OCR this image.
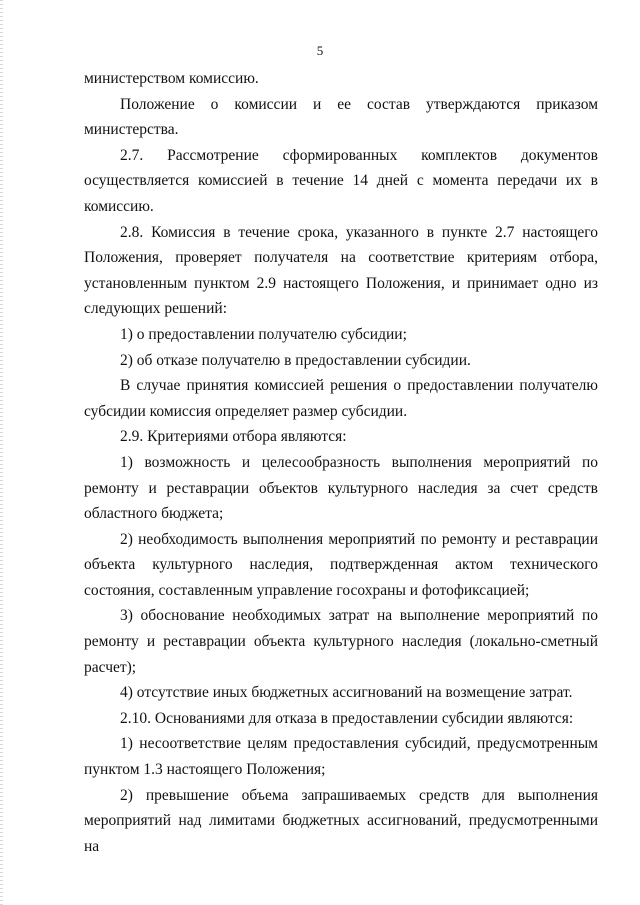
5
министерством комиссию.
Положение о комиссии и ее состав утверждаются приказом
министерства.
2.7. Рассмотрение сформированных комплектов документов
осуществляется комиссией в течение 14 дней с момента передачи их в
комиссию.
2.8. Комиссия в течение срока, указанного в пункте 2.7 настоящего
Положения, проверяет получателя на соответствие критериям отбора,
установленным пунктом 2.9 настоящего Положения, и принимает одно из
следующих решений:
1) о предоставлении получателю субсидии;
2) об отказе получателю в предоставлении субсидии.
В случае принятия комиссией решения о предоставлении получателю
субсидии комиссия определяет размер субсидии.
2.9. Критериями отбора являются:
1) возможность и целесообразность выполнения мероприятий по
ремонту и реставрации объектов культурного наследия за счет средств
областного бюджета;
2) необходимость выполнения мероприятий по ремонту и реставрации
объекта культурного наследия, подтвержденная актом технического
состояния, составленным управление госохраны и фотофиксацией;
3) обоснование необходимых затрат на выполнение мероприятий по
ремонту и реставрации объекта культурного наследия (локально-сметный
расчет);
4) отсутствие иных бюджетных ассигнований на возмещение затрат.
2.10. Основаниями для отказа в предоставлении субсидии являются:
1) несоответствие целям предоставления субсидий, предусмотренным
пунктом 1.3 настоящего Положения;
2) превышение объема запрашиваемых средств для выполнения
мероприятий над лимитами бюджетных ассигнований, предусмотренными на
